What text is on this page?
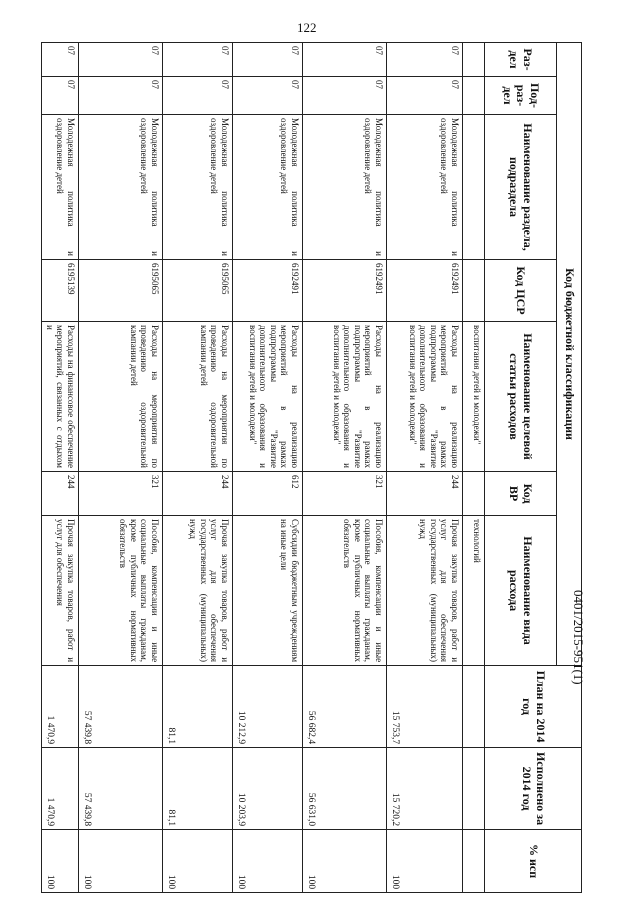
122
Код бюджетной классификации							План на 2014 год	Исполнено за 2014 год	% исп
Раз-дел	Под-раз-дел	Наименование раздела, подраздела	Код ЦСР	Наименование целевой статьи расходов	Код ВР	Наименование вида расхода			
				воспитания детей и молодежи"		технологий			
07	07	Молодежная политика и оздоровление детей	6192491	Расходы на реализацию мероприятий в рамках подпрограммы "Развитие дополнительного образования и воспитания детей и молодежи"	244	Прочая закупка товаров, работ и услуг для обеспечения государственных (муниципальных) нужд	15 753,7	15 720,2	100
07	07	Молодежная политика и оздоровление детей	6192491	Расходы на реализацию мероприятий в рамках подпрограммы "Развитие дополнительного образования и воспитания детей и молодежи"	321	Пособия, компенсации и иные социальные выплаты гражданам, кроме публичных нормативных обязательств	56 682,4	56 631,0	100
07	07	Молодежная политика и оздоровление детей	6192491	Расходы на реализацию мероприятий в рамках подпрограммы "Развитие дополнительного образования и воспитания детей и молодежи"	612	Субсидии бюджетным учреждениям на иные цели	10 212,9	10 203,9	100
07	07	Молодежная политика и оздоровление детей	6195065	Расходы на мероприятия по проведению оздоровительной кампании детей	244	Прочая закупка товаров, работ и услуг для обеспечения государственных (муниципальных) нужд	81,1	81,1	100
07	07	Молодежная политика и оздоровление детей	6195065	Расходы на мероприятия по проведению оздоровительной кампании детей	321	Пособия, компенсации и иные социальные выплаты гражданам, кроме публичных нормативных обязательств	57 439,8	57 439,8	100
07	07	Молодежная политика и оздоровление детей	6195139	Расходы на финансовое обеспечение мероприятий, связанных с отдыхом и	244	Прочая закупка товаров, работ и услуг для обеспечения	1 470,9	1 470,9	100
0401/2015-951(1)
